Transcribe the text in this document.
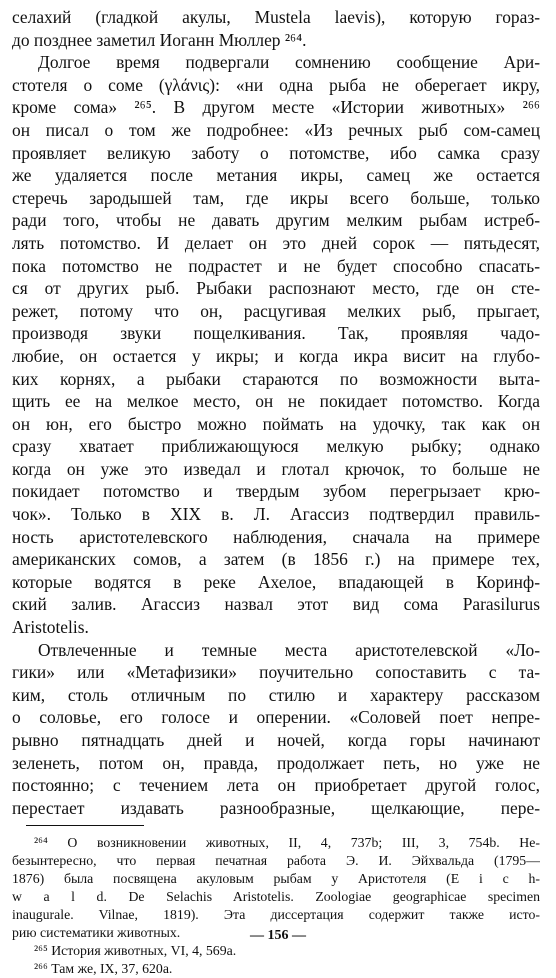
селахий (гладкой акулы, Mustela laevis), которую гораз-
до позднее заметил Иоганн Мюллер ²⁶⁴.

Долгое время подвергали сомнению сообщение Ари-
стотеля о соме (γλάνις): «ни одна рыба не оберегает икру,
кроме сома» ²⁶⁵. В другом месте «Истории животных» ²⁶⁶
он писал о том же подробнее: «Из речных рыб сом-самец
проявляет великую заботу о потомстве, ибо самка сразу
же удаляется после метания икры, самец же остается
стеречь зародышей там, где икры всего больше, только
ради того, чтобы не давать другим мелким рыбам истреб-
лять потомство. И делает он это дней сорок — пятьдесят,
пока потомство не подрастет и не будет способно спасать-
ся от других рыб. Рыбаки распознают место, где он сте-
режет, потому что он, расцугивая мелких рыб, прыгает,
производя звуки пощелкивания. Так, проявляя чадо-
любие, он остается у икры; и когда икра висит на глубо-
ких корнях, а рыбаки стараются по возможности выта-
щить ее на мелкое место, он не покидает потомство. Когда
он юн, его быстро можно поймать на удочку, так как он
сразу хватает приближающуюся мелкую рыбку; однако
когда он уже это изведал и глотал крючок, то больше не
покидает потомство и твердым зубом перегрызает крю-
чок». Только в XIX в. Л. Агассиз подтвердил правиль-
ность аристотелевского наблюдения, сначала на примере
американских сомов, а затем (в 1856 г.) на примере тех,
которые водятся в реке Ахелое, впадающей в Коринф-
ский залив. Агассиз назвал этот вид сома Parasilurus
Aristotelis.

Отвлеченные и темные места аристотелевской «Ло-
гики» или «Метафизики» поучительно сопоставить с та-
ким, столь отличным по стилю и характеру рассказом
о соловье, его голосе и оперении. «Соловей поет непре-
рывно пятнадцать дней и ночей, когда горы начинают
зеленеть, потом он, правда, продолжает петь, но уже не
постоянно; с течением лета он приобретает другой голос,
перестает издавать разнообразные, щелкающие, пере-

²⁶⁴ О возникновении животных, II, 4, 737b; III, 3, 754b. Не-
безынтересно, что первая печатная работа Э. И. Эйхвальда (1795—
1876) была посвящена акуловым рыбам у Аристотеля (E i c h-
w a l d. De Selachis Aristotelis. Zoologiae geographicae specimen
inaugurale. Vilnae, 1819). Эта диссертация содержит также исто-
рию систематики животных.
²⁶⁵ История животных, VI, 4, 569a.
²⁶⁶ Там же, IX, 37, 620a.
— 156 —
